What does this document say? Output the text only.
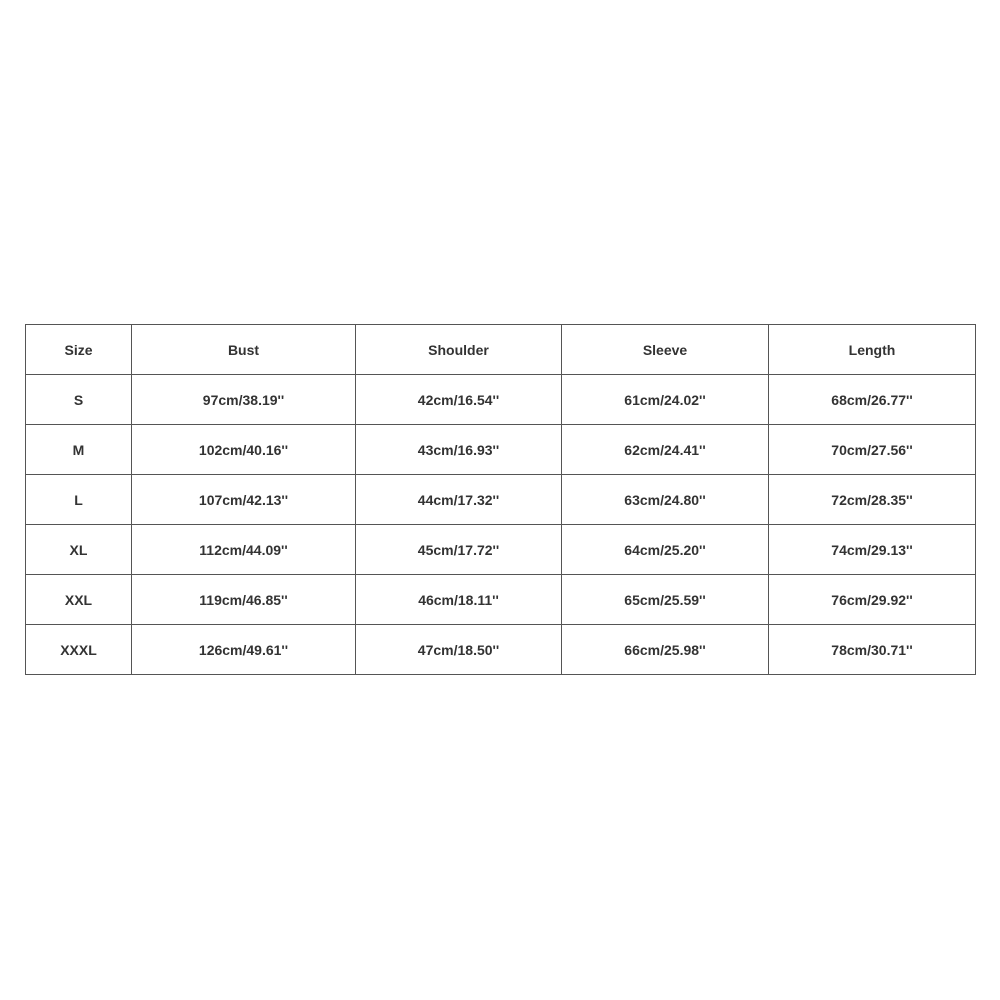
Size	Bust	Shoulder	Sleeve	Length
S	97cm/38.19''	42cm/16.54''	61cm/24.02''	68cm/26.77''
M	102cm/40.16''	43cm/16.93''	62cm/24.41''	70cm/27.56''
L	107cm/42.13''	44cm/17.32''	63cm/24.80''	72cm/28.35''
XL	112cm/44.09''	45cm/17.72''	64cm/25.20''	74cm/29.13''
XXL	119cm/46.85''	46cm/18.11''	65cm/25.59''	76cm/29.92''
XXXL	126cm/49.61''	47cm/18.50''	66cm/25.98''	78cm/30.71''
